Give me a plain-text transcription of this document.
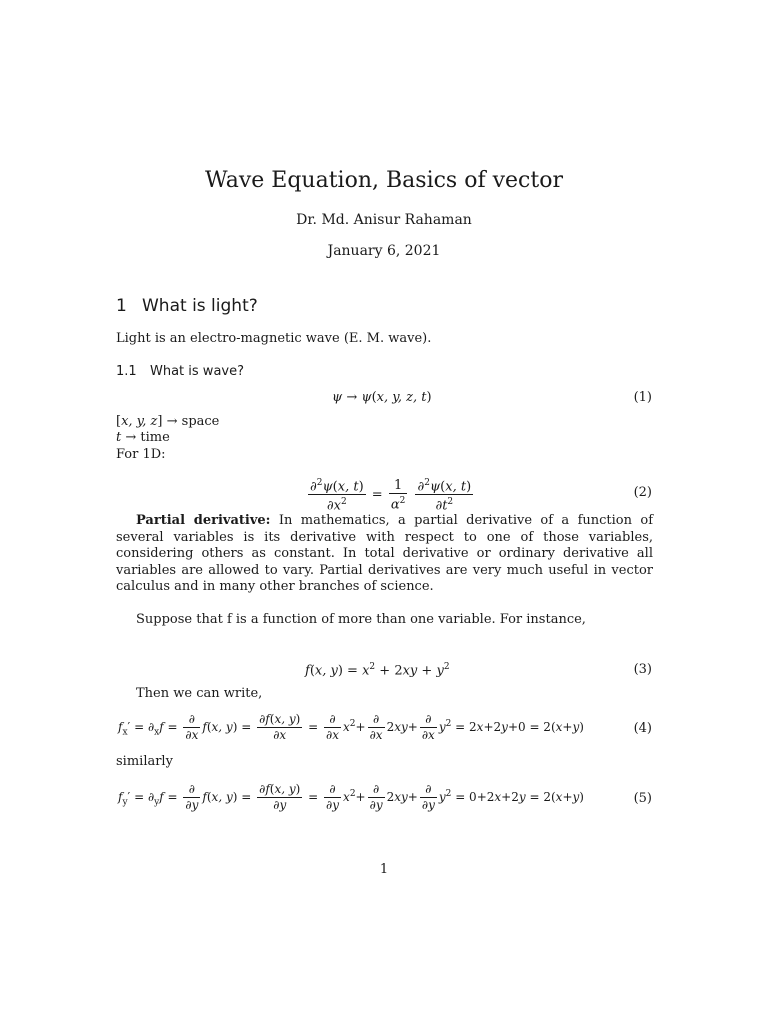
Wave Equation, Basics of vector
Dr. Md. Anisur Rahaman
January 6, 2021
1 What is light?
Light is an electro-magnetic wave (E. M. wave).
1.1 What is wave?
ψ → ψ(x, y, z, t)	(1)
[x, y, z] → space
t → time
For 1D:
$\frac{\partial^2\psi(x, t)}{\partial x^2} = \frac{1}{\alpha^2}$
$\frac{\partial^2\psi(x, t)}{\partial t^2}$	(2)
Partial derivative: In mathematics, a partial derivative of a function of several variables is its derivative with respect to one of those variables, considering others as constant. In total derivative or ordinary derivative all variables are allowed to vary. Partial derivatives are very much useful in vector calculus and in many other branches of science.
Suppose that f is a function of more than one variable. For instance,
f(x, $y) = x^2 + 2xy + y^2$	(3)
Then we can write,
$f_x' = \partial_xf = \frac{\partial}{\partial x} f(x$, $y) = \frac{\partial f(x, y)}{\partial x} = \frac{\partial}{\partial x} x^2+ \frac{\partial}{\partial x} 2xy+ \frac{\partial}{\partial x} y^2 = 2x+2y+0 = 2(x+y)$	(4)
similarly
$f_y' = \partial_yf = \frac{\partial}{\partial y} f(x$, $y) = \frac{\partial f(x, y)}{\partial y} = \frac{\partial}{\partial y} x^2+ \frac{\partial}{\partial y} 2xy+ \frac{\partial}{\partial y} y^2 = 0+2x+2y = 2(x+y)$	(5)
1
